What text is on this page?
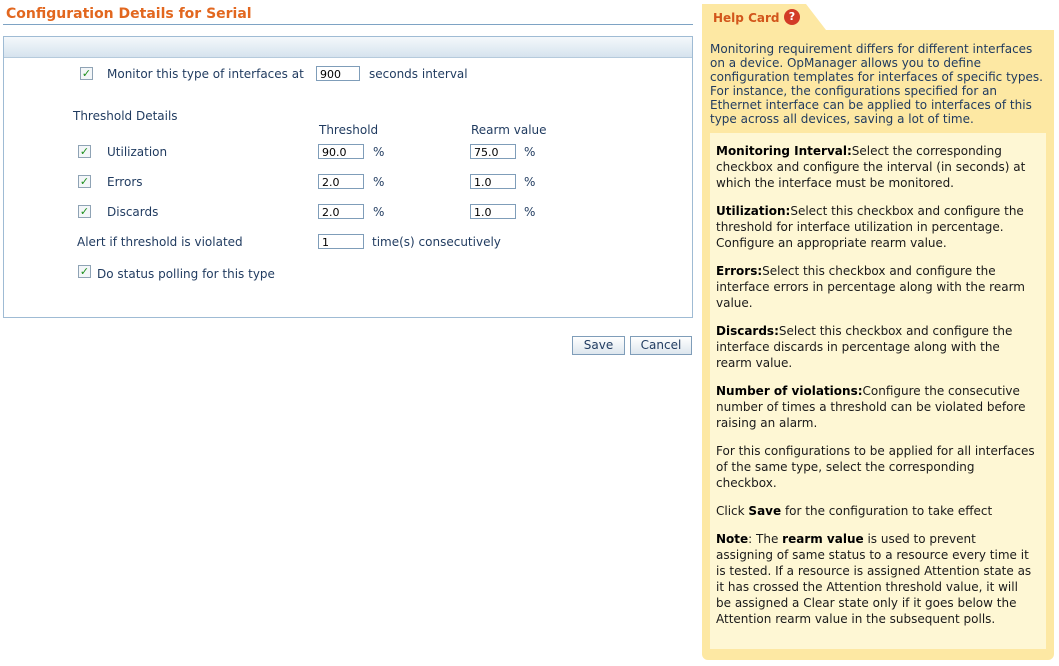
Configuration Details for Serial
✓ Monitor this type of interfaces at	900	seconds interval
Threshold Details
Threshold	Rearm value
✓ Utilization	90.0	%	75.0	%
✓ Errors	2.0	%	1.0	%
✓ Discards	2.0	%	1.0	%
Alert if threshold is violated	1	time(s) consecutively
✓ Do status polling for this type
Save	Cancel
Help Card ?
Monitoring requirement differs for different interfaces on a device. OpManager allows you to define configuration templates for interfaces of specific types. For instance, the configurations specified for an Ethernet interface can be applied to interfaces of this type across all devices, saving a lot of time.
Monitoring Interval:Select the corresponding checkbox and configure the interval (in seconds) at which the interface must be monitored.
Utilization:Select this checkbox and configure the threshold for interface utilization in percentage. Configure an appropriate rearm value.
Errors:Select this checkbox and configure the interface errors in percentage along with the rearm value.
Discards:Select this checkbox and configure the interface discards in percentage along with the rearm value.
Number of violations:Configure the consecutive number of times a threshold can be violated before raising an alarm.
For this configurations to be applied for all interfaces of the same type, select the corresponding checkbox.
Click Save for the configuration to take effect
Note: The rearm value is used to prevent assigning of same status to a resource every time it is tested. If a resource is assigned Attention state as it has crossed the Attention threshold value, it will be assigned a Clear state only if it goes below the Attention rearm value in the subsequent polls.
